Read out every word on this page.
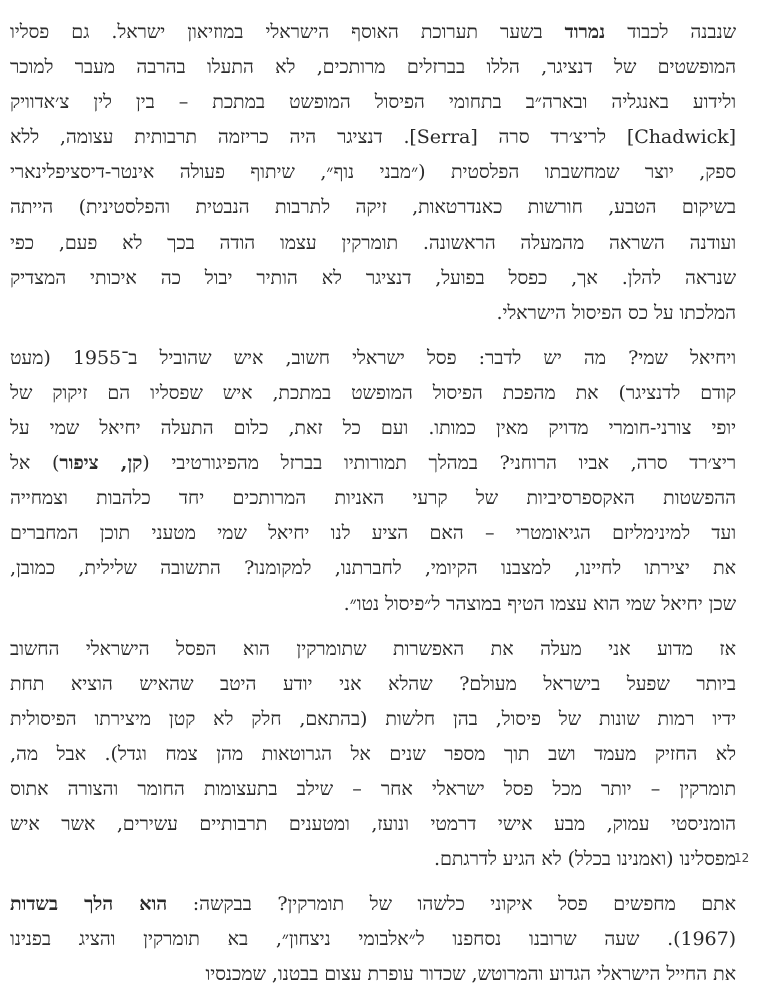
שנבנה לכבוד נמרוד בשער תערוכת האוסף הישראלי במוזיאון ישראל. גם פסליו
המופשטים של דנציגר, הללו בברזלים מרותכים, לא התעלו בהרבה מעבר למוכר
ולידוע באנגליה ובארה״ב בתחומי הפיסול המופשט במתכת – בין לין צ׳אדוויק
[Chadwick] לריצ׳רד סרה [Serra]. דנציגר היה כריזמה תרבותית עצומה, ללא
ספק, יוצר שמחשבתו הפלסטית (״מבני נוף״, שיתוף פעולה אינטר-דיסציפלינארי
בשיקום הטבע, חורשות כאנדרטאות, זיקה לתרבות הנבטית והפלסטינית) הייתה
ועודנה השראה מהמעלה הראשונה. תומרקין עצמו הודה בכך לא פעם, כפי
שנראה להלן. אך, כפסל בפועל, דנציגר לא הותיר יבול כה איכותי המצדיק
המלכתו על כס הפיסול הישראלי.
ויחיאל שמי? מה יש לדבר: פסל ישראלי חשוב, איש שהוביל ב־1955 (מעט
קודם לדנציגר) את מהפכת הפיסול המופשט במתכת, איש שפסליו הם זיקוק של
יופי צורני-חומרי מדויק מאין כמותו. ועם כל זאת, כלום התעלה יחיאל שמי על
ריצ׳רד סרה, אביו הרוחני? במהלך תמורותיו בברזל מהפיגורטיבי (קן, ציפור) אל
ההפשטות האקספרסיביות של קרעי האניות המרותכים יחד כלהבות וצמחייה
ועד למינימליזם הגיאומטרי – האם הציע לנו יחיאל שמי מטעני תוכן המחברים
את יצירתו לחיינו, למצבנו הקיומי, לחברתנו, למקומנו? התשובה שלילית, כמובן,
שכן יחיאל שמי הוא עצמו הטיף במוצהר ל״פיסול נטו״.
אז מדוע אני מעלה את האפשרות שתומרקין הוא הפסל הישראלי החשוב
ביותר שפעל בישראל מעולם? שהלא אני יודע היטב שהאיש הוציא תחת
ידיו רמות שונות של פיסול, בהן חלשות (בהתאם, חלק לא קטן מיצירתו הפיסולית
לא החזיק מעמד ושב תוך מספר שנים אל הגרוטאות מהן צמח וגדל). אבל מה,
תומרקין – יותר מכל פסל ישראלי אחר – שילב בתעצומות החומר והצורה אתוס
הומניסטי עמוק, מבע אישי דרמטי ונועז, ומטענים תרבותיים עשירים, אשר איש
מפסלינו (ואמנינו בכלל) לא הגיע לדרגתם.
אתם מחפשים פסל איקוני כלשהו של תומרקין? בבקשה: הוא הלך בשדות
(1967). שעה שרובנו נסחפנו ל״אלבומי ניצחון״, בא תומרקין והציג בפנינו
את החייל הישראלי הגדוע והמרוטש, שכדור עופרת עצום בבטנו, שמכנסיו
12
